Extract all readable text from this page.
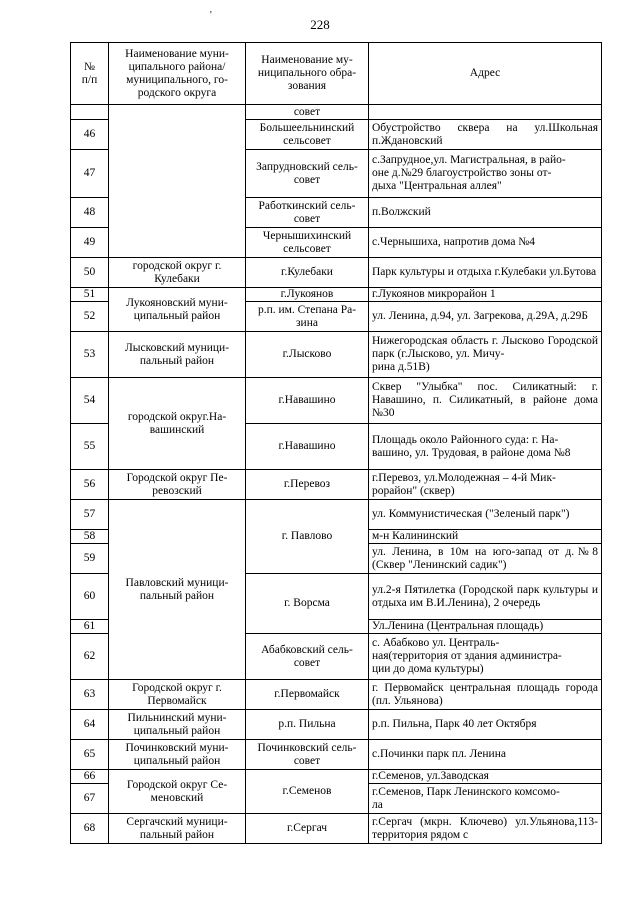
228
'
№
п/п	Наименование муни-
ципального района/
муниципального, го-
родского округа	Наименование му-
ниципального обра-
зования	Адрес
		совет	
46		Большеельнинский
сельсовет	Обустройство сквера на ул.Школьная п.Ждановский
47		Запрудновский сель-
совет	с.Запрудное,ул. Магистральная, в райо-
оне д.№29 благоустройство зоны от-
дыха "Центральная аллея"
48		Работкинский сель-
совет	п.Волжский
49		Чернышихинский
сельсовет	с.Чернышиха, напротив дома №4
50	городской округ г.
Кулебаки	г.Кулебаки	Парк культуры и отдыха г.Кулебаки ул.Бутова
51	Лукояновский муни-
ципальный район	г.Лукоянов	г.Лукоянов микрорайон 1
52		р.п. им. Степана Ра-
зина	ул. Ленина, д.94, ул. Загрекова, д.29А, д.29Б
53	Лысковский муници-
пальный район	г.Лысково	Нижегородская область г. Лысково Городской парк (г.Лысково, ул. Мичу-
рина д.51В)
54	городской округ.На-
вашинский	г.Навашино	Сквер "Улыбка" пос. Силикатный: г. Навашино, п. Силикатный, в районе дома №30
55		г.Навашино	Площадь около Районного суда: г. На-
вашино, ул. Трудовая, в районе дома №8
56	Городской округ Пе-
ревозский	г.Перевоз	г.Перевоз, ул.Молодежная – 4-й Мик-
рорайон" (сквер)
57	Павловский муници-
пальный район	г. Павлово	ул. Коммунистическая ("Зеленый парк")
58			м-н Калининский
59			ул. Ленина, в 10м на юго-запад от д.№8 (Сквер "Ленинский садик")
60		г. Ворсма	ул.2-я Пятилетка (Городской парк культуры и отдыха им В.И.Ленина), 2 очередь
61			Ул.Ленина (Центральная площадь)
62		Абабковский сель-
совет	с. Абабково ул. Централь-
ная(территория от здания администра-
ции до дома культуры)
63	Городской округ г.
Первомайск	г.Первомайск	г. Первомайск центральная площадь города (пл. Ульянова)
64	Пильнинский муни-
ципальный район	р.п. Пильна	р.п. Пильна, Парк 40 лет Октября
65	Починковский муни-
ципальный район	Починковский сель-
совет	с.Починки парк пл. Ленина
66	Городской округ Се-
меновский	г.Семенов	г.Семенов, ул.Заводская
67			г.Семенов, Парк Ленинского комсомо-
ла
68	Сергачский муници-
пальный район	г.Сергач	г.Сергач (мкрн. Ключево) ул.Ульянова,113- территория рядом с
